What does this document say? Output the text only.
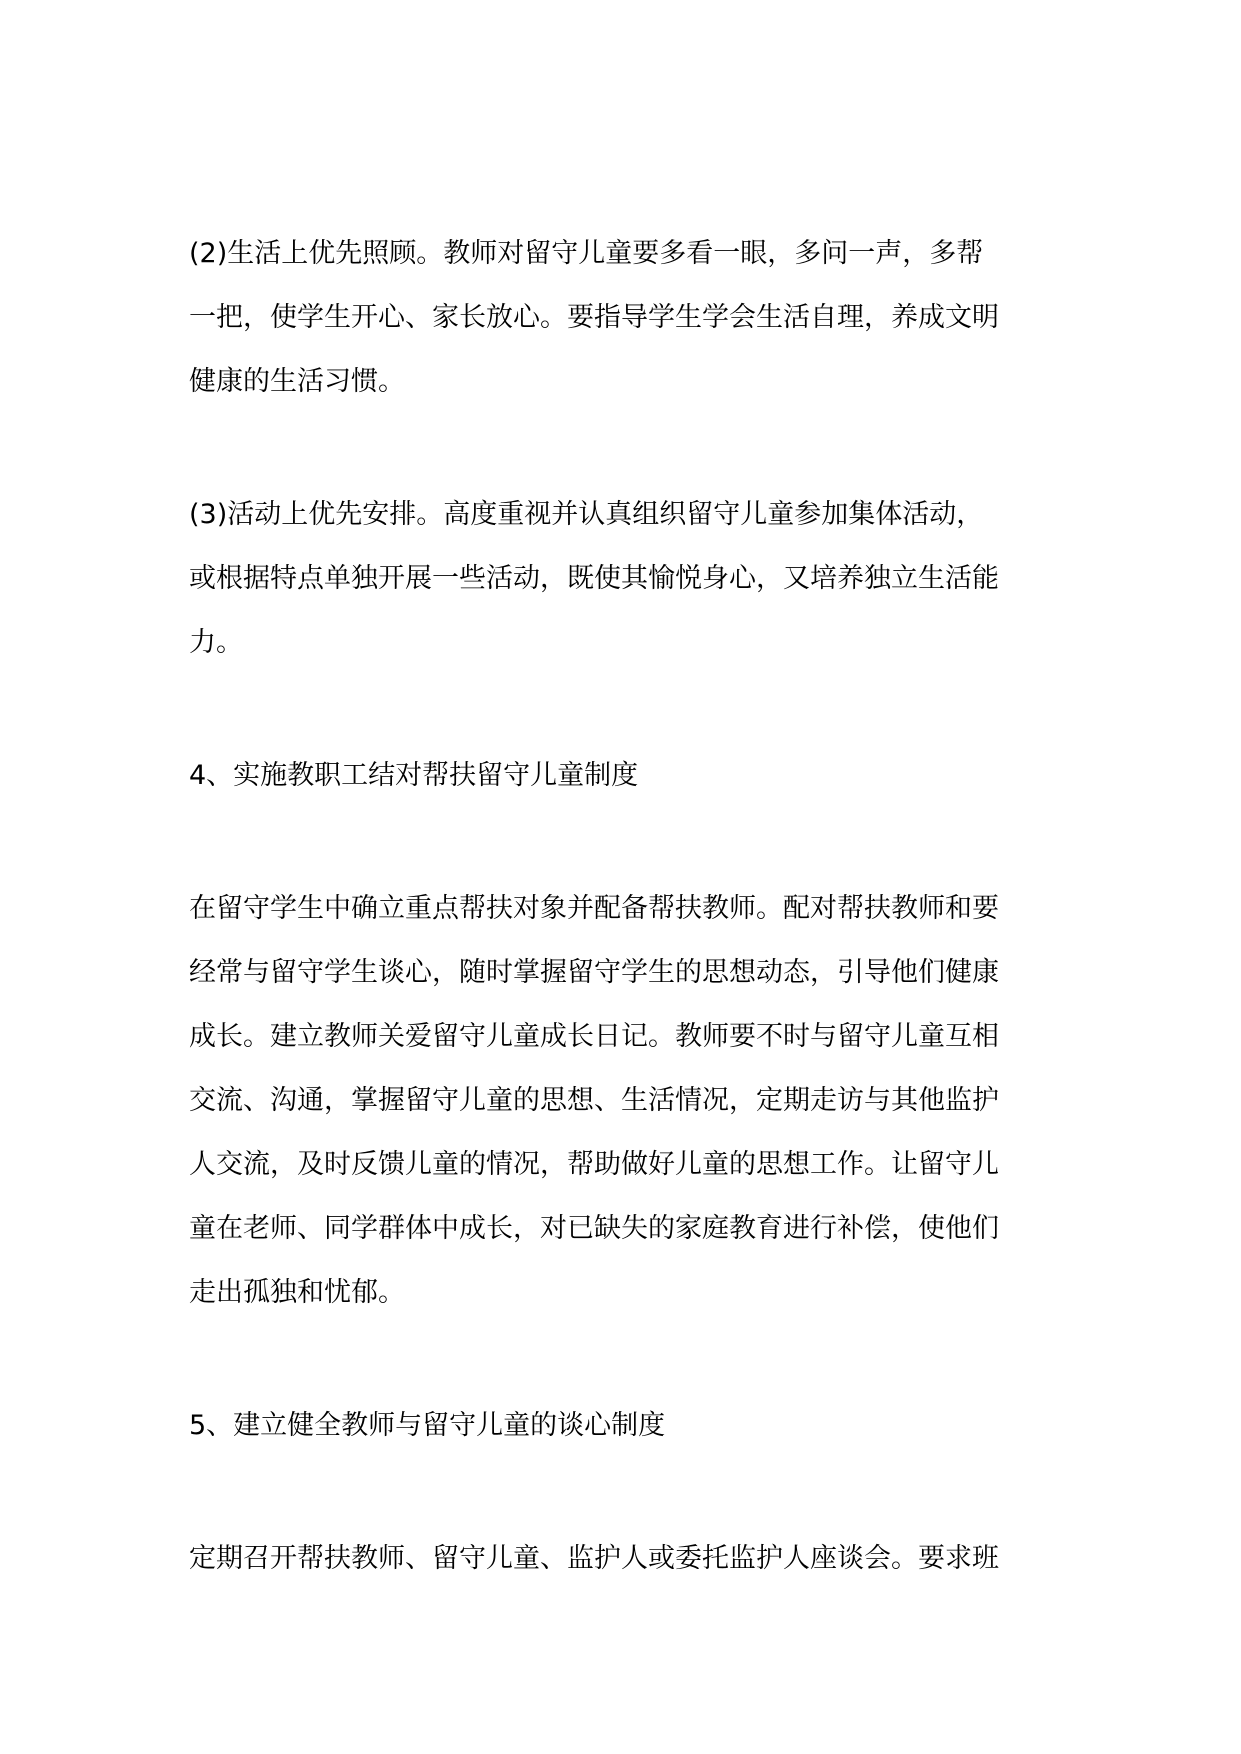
(2)生活上优先照顾。教师对留守儿童要多看一眼，多问一声，多帮
一把，使学生开心、家长放心。要指导学生学会生活自理，养成文明
健康的生活习惯。
(3)活动上优先安排。高度重视并认真组织留守儿童参加集体活动，
或根据特点单独开展一些活动，既使其愉悦身心，又培养独立生活能
力。
4、实施教职工结对帮扶留守儿童制度
在留守学生中确立重点帮扶对象并配备帮扶教师。配对帮扶教师和要
经常与留守学生谈心，随时掌握留守学生的思想动态，引导他们健康
成长。建立教师关爱留守儿童成长日记。教师要不时与留守儿童互相
交流、沟通，掌握留守儿童的思想、生活情况，定期走访与其他监护
人交流，及时反馈儿童的情况，帮助做好儿童的思想工作。让留守儿
童在老师、同学群体中成长，对已缺失的家庭教育进行补偿，使他们
走出孤独和忧郁。
5、建立健全教师与留守儿童的谈心制度
定期召开帮扶教师、留守儿童、监护人或委托监护人座谈会。要求班
